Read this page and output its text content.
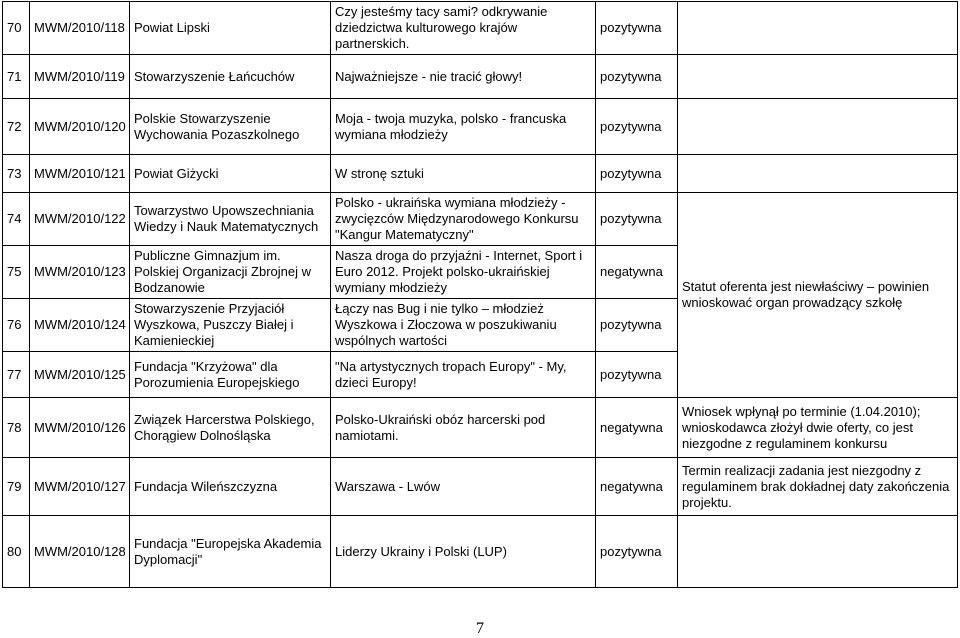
70	MWM/2010/118	Powiat Lipski	Czy jesteśmy tacy sami? odkrywanie dziedzictwa kulturowego krajów partnerskich.	pozytywna	
71	MWM/2010/119	Stowarzyszenie Łańcuchów	Najważniejsze - nie tracić głowy!	pozytywna	
72	MWM/2010/120	Polskie Stowarzyszenie Wychowania Pozaszkolnego	Moja - twoja muzyka, polsko - francuska wymiana młodzieży	pozytywna	
73	MWM/2010/121	Powiat Giżycki	W stronę sztuki	pozytywna	
74	MWM/2010/122	Towarzystwo Upowszechniania Wiedzy i Nauk Matematycznych	Polsko - ukraińska wymiana młodzieży - zwycięzców Międzynarodowego Konkursu "Kangur Matematyczny"	pozytywna	Statut oferenta jest niewłaściwy – powinien wnioskować organ prowadzący szkołę
75	MWM/2010/123	Publiczne Gimnazjum im. Polskiej Organizacji Zbrojnej w Bodzanowie	Nasza droga do przyjaźni - Internet, Sport i Euro 2012. Projekt polsko-ukraińskiej wymiany młodzieży	negatywna	
76	MWM/2010/124	Stowarzyszenie Przyjaciół Wyszkowa, Puszczy Białej i Kamienieckiej	Łączy nas Bug i nie tylko – młodzież Wyszkowa i Złoczowa w poszukiwaniu wspólnych wartości	pozytywna	
77	MWM/2010/125	Fundacja "Krzyżowa" dla Porozumienia Europejskiego	"Na artystycznych tropach Europy" - My, dzieci Europy!	pozytywna	
78	MWM/2010/126	Związek Harcerstwa Polskiego, Chorągiew Dolnośląska	Polsko-Ukraiński obóz harcerski pod namiotami.	negatywna	Wniosek wpłynął po terminie (1.04.2010); wnioskodawca złożył dwie oferty, co jest niezgodne z regulaminem konkursu
79	MWM/2010/127	Fundacja Wileńszczyzna	Warszawa - Lwów	negatywna	Termin realizacji zadania jest niezgodny z regulaminem brak dokładnej daty zakończenia projektu.
80	MWM/2010/128	Fundacja "Europejska Akademia Dyplomacji"	Liderzy Ukrainy i Polski (LUP)	pozytywna	
7
